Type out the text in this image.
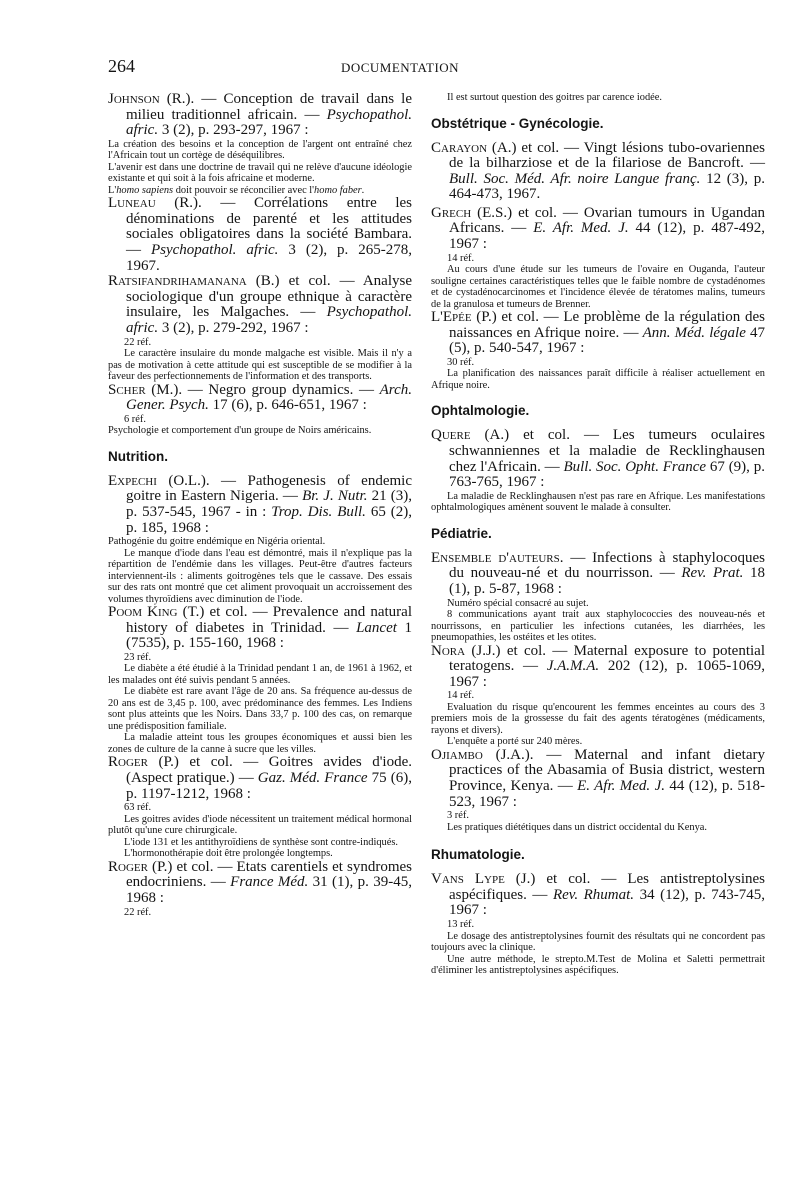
264	DOCUMENTATION

Johnson (R.). — Conception de travail dans le milieu traditionnel africain. — Psychopathol. afric. 3 (2), p. 293-297, 1967 :

La création des besoins et la conception de l'argent ont entraîné chez l'Africain tout un cortège de déséquilibres.

L'avenir est dans une doctrine de travail qui ne relève d'aucune idéologie existante et qui soit à la fois africaine et moderne.

L'homo sapiens doit pouvoir se réconcilier avec l'homo faber.

Luneau (R.). — Corrélations entre les dénominations de parenté et les attitudes sociales obligatoires dans la société Bambara. — Psychopathol. afric. 3 (2), p. 265-278, 1967.

Ratsifandrihamanana (B.) et col. — Analyse sociologique d'un groupe ethnique à caractère insulaire, les Malgaches. — Psychopathol. afric. 3 (2), p. 279-292, 1967 :

22 réf.

Le caractère insulaire du monde malgache est visible. Mais il n'y a pas de motivation à cette attitude qui est susceptible de se modifier à la faveur des perfectionnements de l'information et des transports.

Scher (M.). — Negro group dynamics. — Arch. Gener. Psych. 17 (6), p. 646-651, 1967 :

6 réf.

Psychologie et comportement d'un groupe de Noirs américains.

Nutrition.

Expechi (O.L.). — Pathogenesis of endemic goitre in Eastern Nigeria. — Br. J. Nutr. 21 (3), p. 537-545, 1967 - in : Trop. Dis. Bull. 65 (2), p. 185, 1968 :

Pathogénie du goitre endémique en Nigéria oriental.

Le manque d'iode dans l'eau est démontré, mais il n'explique pas la répartition de l'endémie dans les villages. Peut-être d'autres facteurs interviennent-ils : aliments goitrogènes tels que le cassave. Des essais sur des rats ont montré que cet aliment provoquait un accroissement des volumes thyroïdiens avec diminution de l'iode.

Poom King (T.) et col. — Prevalence and natural history of diabetes in Trinidad. — Lancet 1 (7535), p. 155-160, 1968 :

23 réf.

Le diabète a été étudié à la Trinidad pendant 1 an, de 1961 à 1962, et les malades ont été suivis pendant 5 années.

Le diabète est rare avant l'âge de 20 ans. Sa fréquence au-dessus de 20 ans est de 3,45 p. 100, avec prédominance des femmes. Les Indiens sont plus atteints que les Noirs. Dans 33,7 p. 100 des cas, on remarque une prédisposition familiale.

La maladie atteint tous les groupes économiques et aussi bien les zones de culture de la canne à sucre que les villes.

Roger (P.) et col. — Goitres avides d'iode. (Aspect pratique.) — Gaz. Méd. France 75 (6), p. 1197-1212, 1968 :

63 réf.

Les goitres avides d'iode nécessitent un traitement médical hormonal plutôt qu'une cure chirurgicale.

L'iode 131 et les antithyroïdiens de synthèse sont contre-indiqués.

L'hormonothérapie doit être prolongée longtemps.

Roger (P.) et col. — Etats carentiels et syndromes endocriniens. — France Méd. 31 (1), p. 39-45, 1968 :

22 réf.

Il est surtout question des goitres par carence iodée.

Obstétrique - Gynécologie.

Carayon (A.) et col. — Vingt lésions tubo-ovariennes de la bilharziose et de la filariose de Bancroft. — Bull. Soc. Méd. Afr. noire Langue franç. 12 (3), p. 464-473, 1967.

Grech (E.S.) et col. — Ovarian tumours in Ugandan Africans. — E. Afr. Med. J. 44 (12), p. 487-492, 1967 :

14 réf.

Au cours d'une étude sur les tumeurs de l'ovaire en Ouganda, l'auteur souligne certaines caractéristiques telles que le faible nombre de cystadénomes et de cystadénocarcinomes et l'incidence élevée de tératomes malins, tumeurs de la granulosa et tumeurs de Brenner.

L'Epée (P.) et col. — Le problème de la régulation des naissances en Afrique noire. — Ann. Méd. légale 47 (5), p. 540-547, 1967 :

30 réf.

La planification des naissances paraît difficile à réaliser actuellement en Afrique noire.

Ophtalmologie.

Quere (A.) et col. — Les tumeurs oculaires schwanniennes et la maladie de Recklinghausen chez l'Africain. — Bull. Soc. Opht. France 67 (9), p. 763-765, 1967 :

La maladie de Recklinghausen n'est pas rare en Afrique. Les manifestations ophtalmologiques amènent souvent le malade à consulter.

Pédiatrie.

Ensemble d'auteurs. — Infections à staphylocoques du nouveau-né et du nourrisson. — Rev. Prat. 18 (1), p. 5-87, 1968 :

Numéro spécial consacré au sujet.

8 communications ayant trait aux staphylococcies des nouveau-nés et nourrissons, en particulier les infections cutanées, les diarrhées, les pneumopathies, les ostéites et les otites.

Nora (J.J.) et col. — Maternal exposure to potential teratogens. — J.A.M.A. 202 (12), p. 1065-1069, 1967 :

14 réf.

Evaluation du risque qu'encourent les femmes enceintes au cours des 3 premiers mois de la grossesse du fait des agents tératogènes (médicaments, rayons et divers).

L'enquête a porté sur 240 mères.

Ojiambo (J.A.). — Maternal and infant dietary practices of the Abasamia of Busia district, western Province, Kenya. — E. Afr. Med. J. 44 (12), p. 518-523, 1967 :

3 réf.

Les pratiques diététiques dans un district occidental du Kenya.

Rhumatologie.

Vans Lype (J.) et col. — Les antistreptolysines aspécifiques. — Rev. Rhumat. 34 (12), p. 743-745, 1967 :

13 réf.

Le dosage des antistreptolysines fournit des résultats qui ne concordent pas toujours avec la clinique.

Une autre méthode, le strepto.M.Test de Molina et Saletti permettrait d'éliminer les antistreptolysines aspécifiques.
